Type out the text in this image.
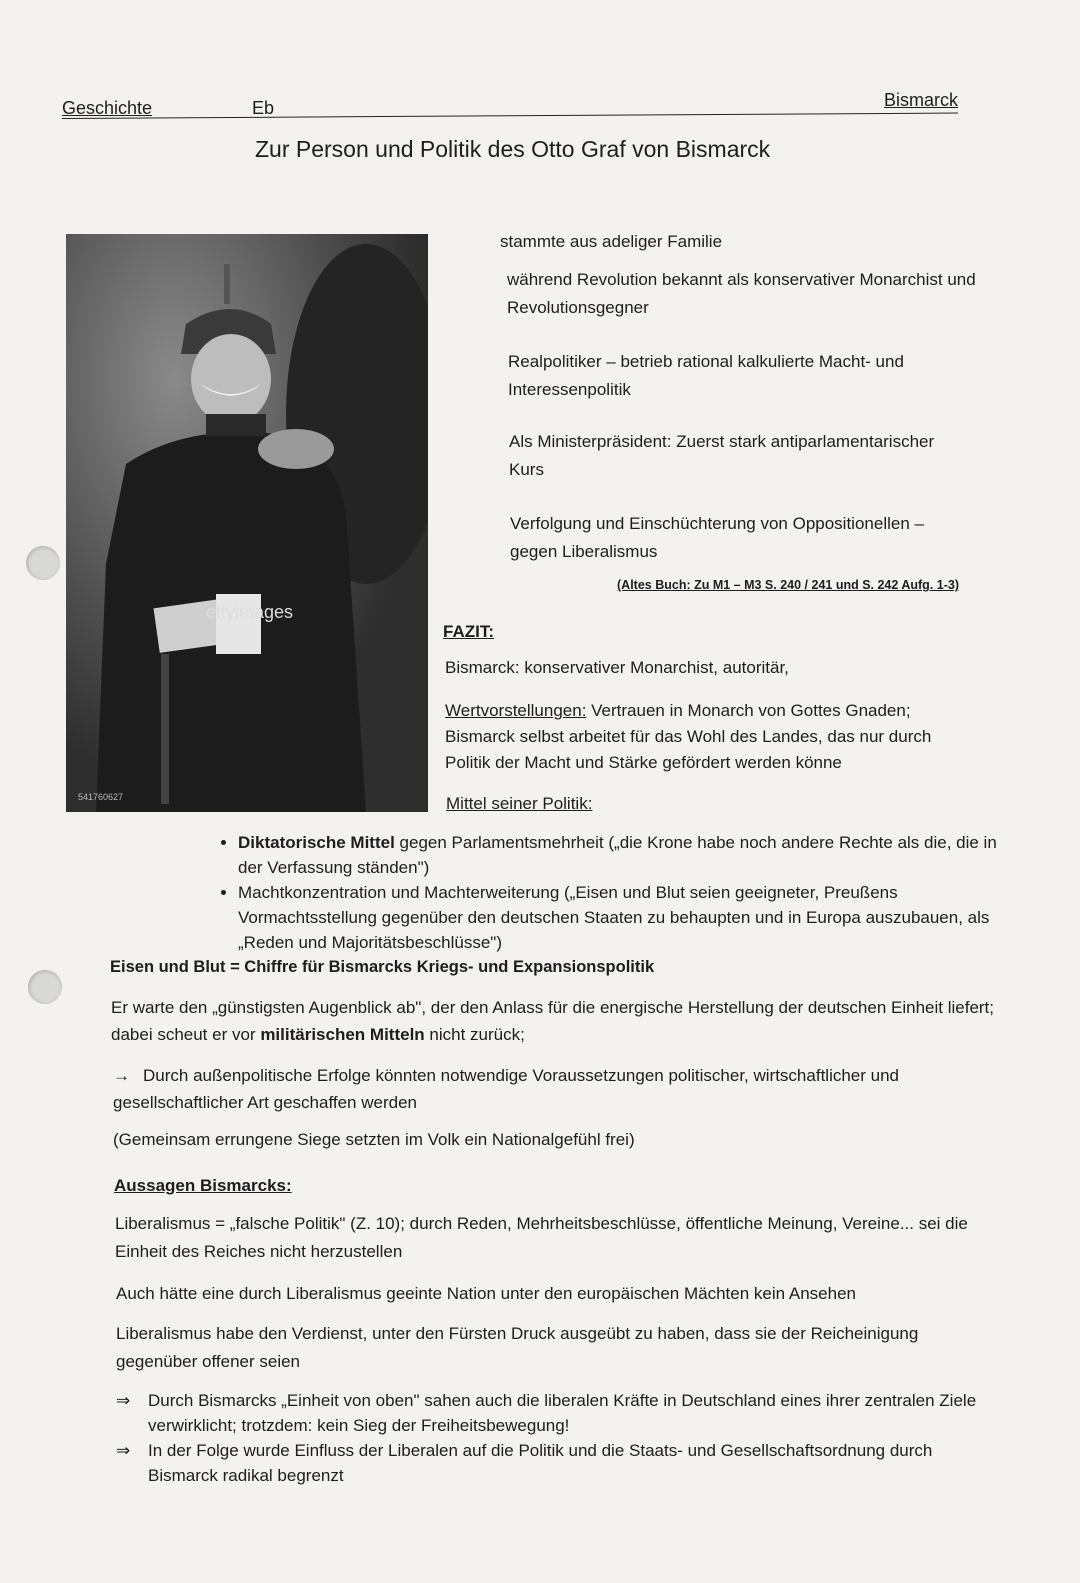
Geschichte	Eb	Bismarck
Zur Person und Politik des Otto Graf von Bismarck
ettyimages
541760627
stammte aus adeliger Familie
während Revolution bekannt als konservativer Monarchist und Revolutionsgegner
Realpolitiker – betrieb rational kalkulierte Macht- und Interessenpolitik
Als Ministerpräsident: Zuerst stark antiparlamentarischer Kurs
Verfolgung und Einschüchterung von Oppositionellen – gegen Liberalismus
(Altes Buch: Zu M1 – M3 S. 240 / 241 und S. 242 Aufg. 1-3)
FAZIT:
Bismarck: konservativer Monarchist, autoritär,
Wertvorstellungen: Vertrauen in Monarch von Gottes Gnaden; Bismarck selbst arbeitet für das Wohl des Landes, das nur durch Politik der Macht und Stärke gefördert werden könne
Mittel seiner Politik:
• Diktatorische Mittel gegen Parlamentsmehrheit („die Krone habe noch andere Rechte als die, die in der Verfassung ständen")
• Machtkonzentration und Machterweiterung („Eisen und Blut seien geeigneter, Preußens Vormachtsstellung gegenüber den deutschen Staaten zu behaupten und in Europa auszubauen, als „Reden und Majoritätsbeschlüsse")
Eisen und Blut = Chiffre für Bismarcks Kriegs- und Expansionspolitik
Er warte den „günstigsten Augenblick ab", der den Anlass für die energische Herstellung der deutschen Einheit liefert; dabei scheut er vor militärischen Mitteln nicht zurück;
→ Durch außenpolitische Erfolge könnten notwendige Voraussetzungen politischer, wirtschaftlicher und gesellschaftlicher Art geschaffen werden
(Gemeinsam errungene Siege setzten im Volk ein Nationalgefühl frei)
Aussagen Bismarcks:
Liberalismus = „falsche Politik" (Z. 10); durch Reden, Mehrheitsbeschlüsse, öffentliche Meinung, Vereine... sei die Einheit des Reiches nicht herzustellen
Auch hätte eine durch Liberalismus geeinte Nation unter den europäischen Mächten kein Ansehen
Liberalismus habe den Verdienst, unter den Fürsten Druck ausgeübt zu haben, dass sie der Reicheinigung gegenüber offener seien
⇒	Durch Bismarcks „Einheit von oben" sahen auch die liberalen Kräfte in Deutschland eines ihrer zentralen Ziele verwirklicht; trotzdem: kein Sieg der Freiheitsbewegung!
⇒	In der Folge wurde Einfluss der Liberalen auf die Politik und die Staats- und Gesellschaftsordnung durch Bismarck radikal begrenzt
